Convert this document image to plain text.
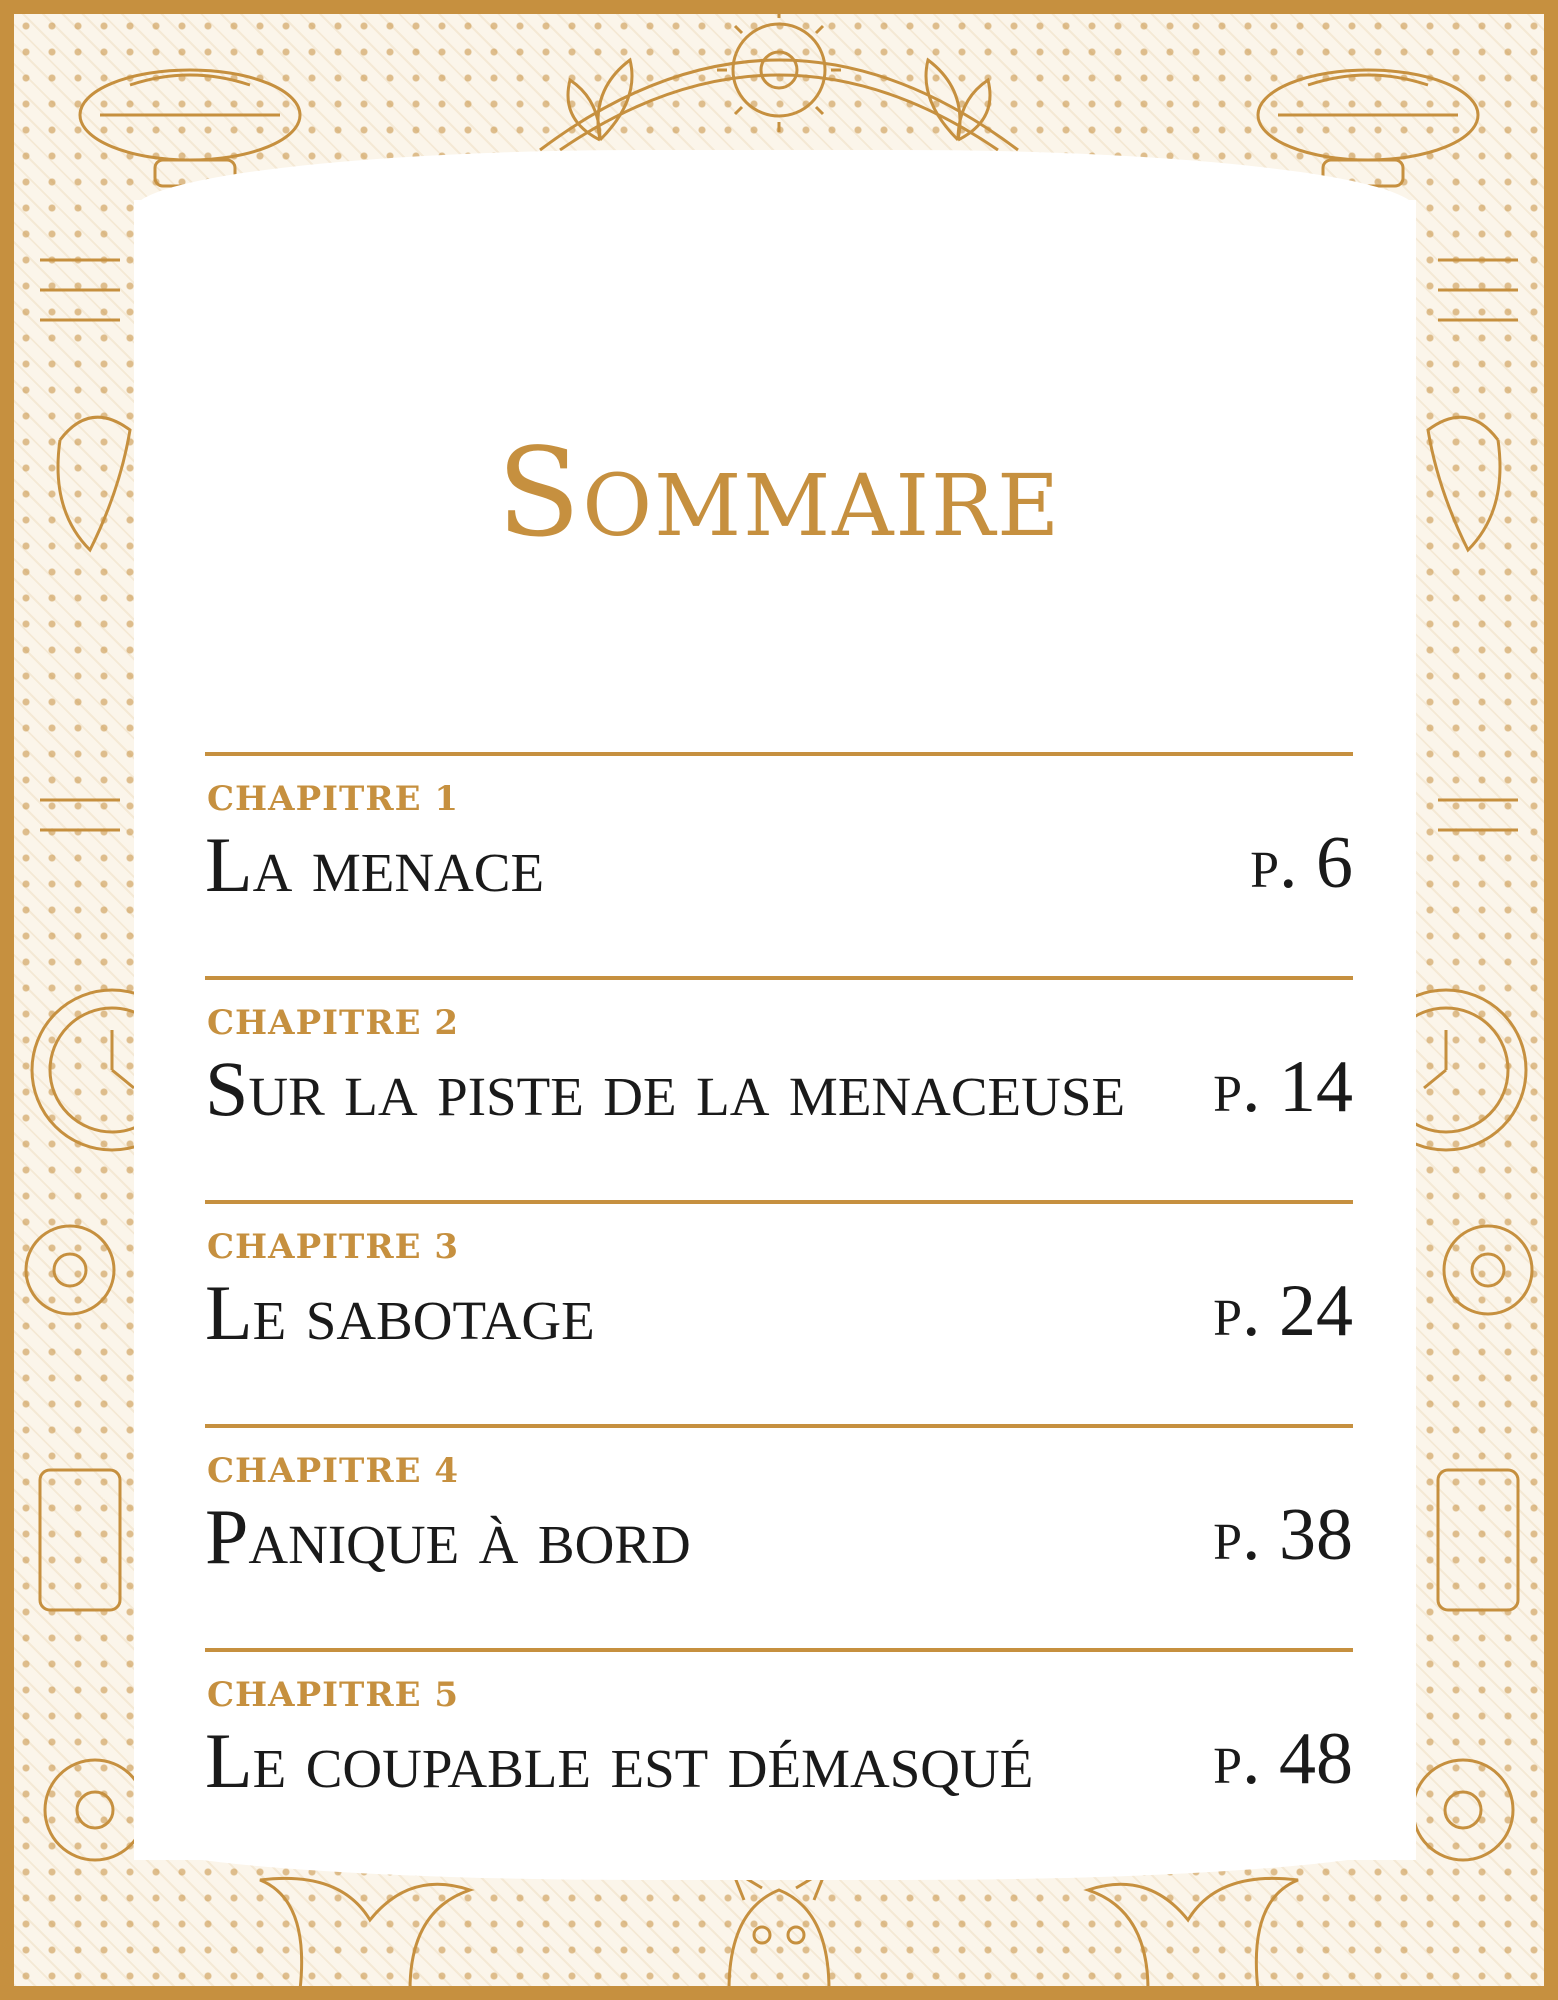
Sommaire
CHAPITRE 1
La menace	p. 6
CHAPITRE 2
Sur la piste de la menaceuse p. 14
CHAPITRE 3
Le sabotage	p. 24
CHAPITRE 4
Panique à bord	p. 38
CHAPITRE 5
Le coupable est démasqué p. 48
